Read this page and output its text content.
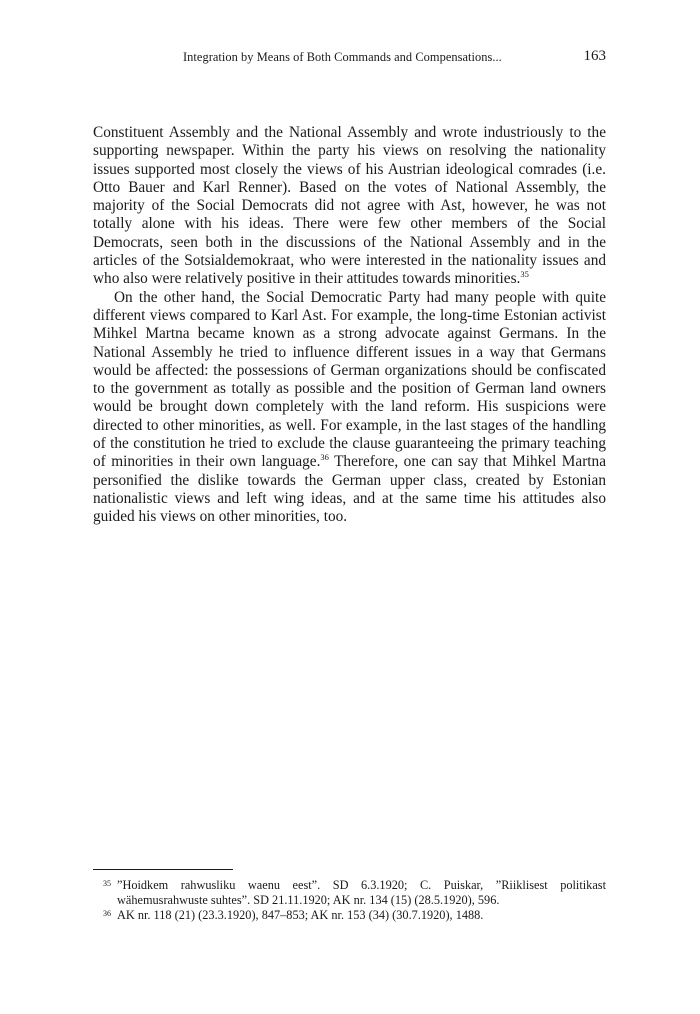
Integration by Means of Both Commands and Compensations...	163

Constituent Assembly and the National Assembly and wrote industriously to the supporting newspaper. Within the party his views on resolving the nationality issues supported most closely the views of his Austrian ideological comrades (i.e. Otto Bauer and Karl Renner). Based on the votes of National Assembly, the majority of the Social Democrats did not agree with Ast, however, he was not totally alone with his ideas. There were few other members of the Social Democrats, seen both in the discussions of the National Assembly and in the articles of the Sotsialdemokraat, who were interested in the nationality issues and who also were relatively positive in their attitudes towards minorities.$^{35}$

On the other hand, the Social Democratic Party had many people with quite different views compared to Karl Ast. For example, the long-time Estonian activist Mihkel Martna became known as a strong advocate against Germans. In the National Assembly he tried to influence different issues in a way that Germans would be affected: the possessions of German organizations should be confiscated to the government as totally as possible and the position of German land owners would be brought down completely with the land reform. His suspicions were directed to other minorities, as well. For example, in the last stages of the handling of the constitution he tried to exclude the clause guaranteeing the primary teaching of minorities in their own language.$^{36}$ Therefore, one can say that Mihkel Martna personified the dislike towards the German upper class, created by Estonian nationalistic views and left wing ideas, and at the same time his attitudes also guided his views on other minorities, too.

35 ”Hoidkem rahwusliku waenu eest”. SD 6.3.1920; C. Puiskar, ”Riiklisest politikast wähemusrahwuste suhtes”. SD 21.11.1920; AK nr. 134 (15) (28.5.1920), 596.
36 AK nr. 118 (21) (23.3.1920), 847–853; AK nr. 153 (34) (30.7.1920), 1488.
